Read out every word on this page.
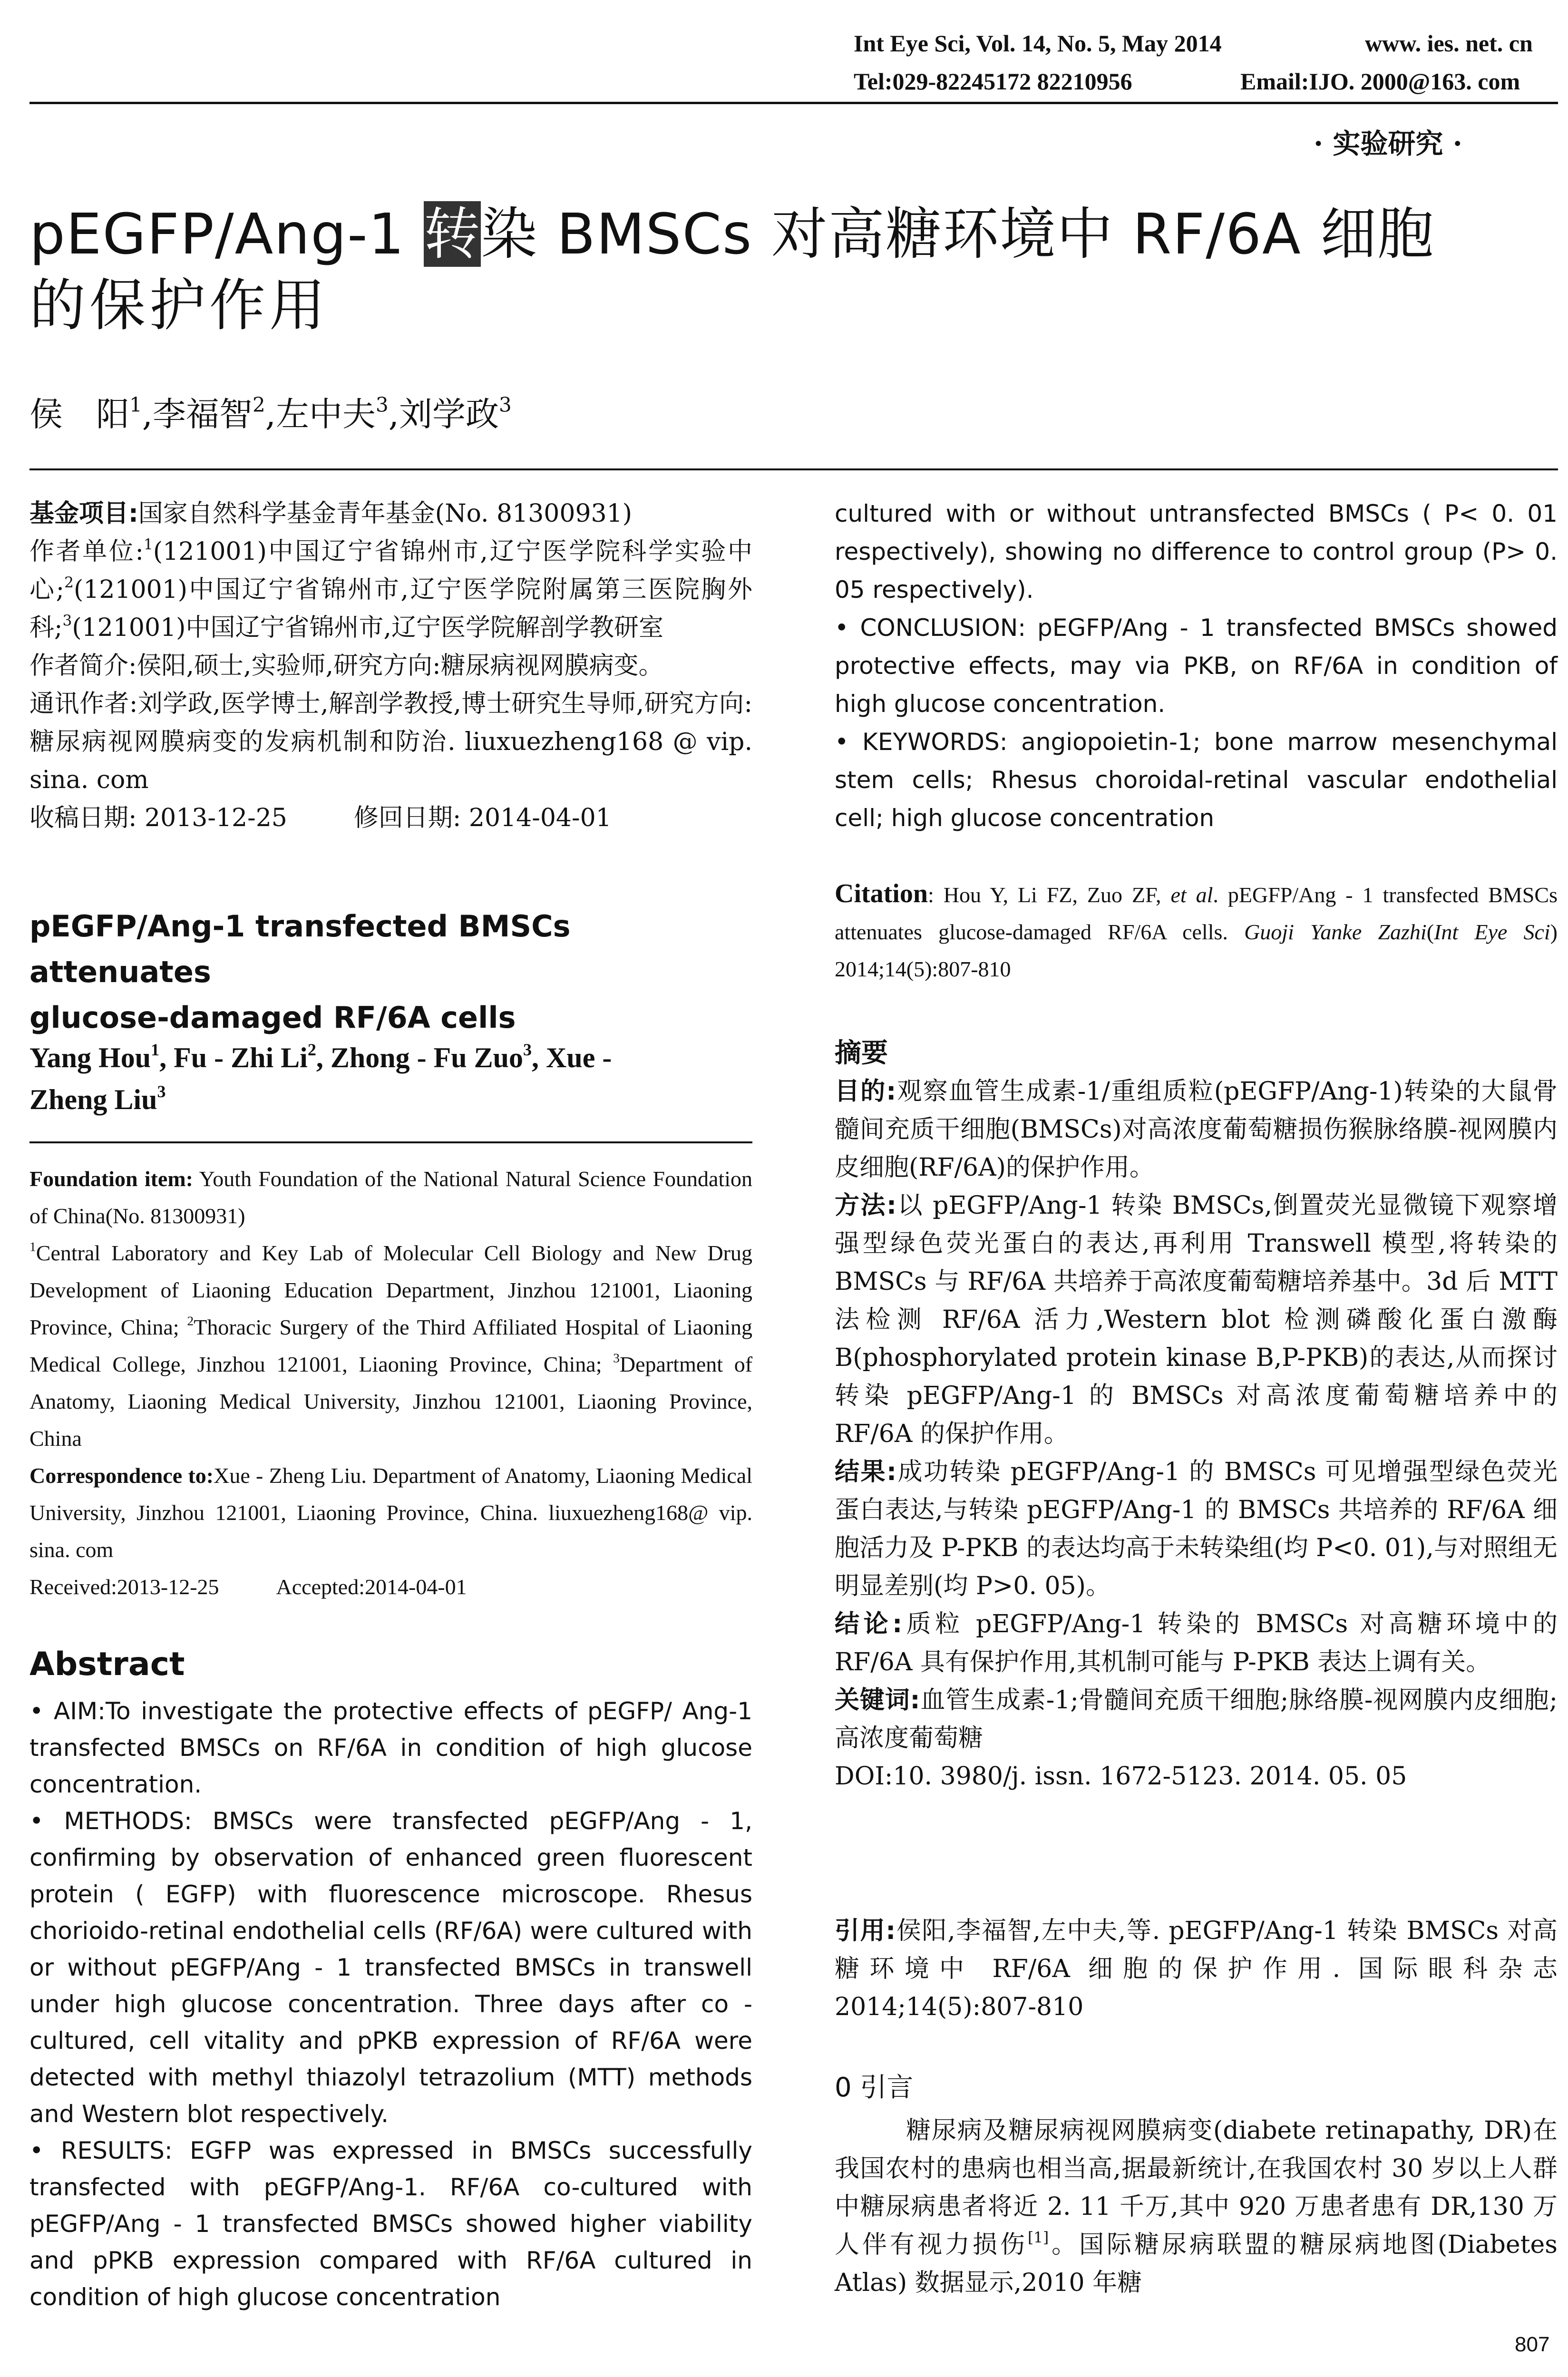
Int Eye Sci, Vol. 14, No. 5, May 2014	www. ies. net. cn
Tel:029-82245172 82210956	Email:IJO. 2000@163. com
· 实验研究 ·
pEGFP/Ang-1 转染 BMSCs 对高糖环境中 RF/6A 细胞
的保护作用
侯　阳$^1$,李福智$^2$,左中夫$^3$,刘学政$^3$

基金项目:国家自然科学基金青年基金(No. 81300931)

作者单位:$^1$(121001)中国辽宁省锦州市,辽宁医学院科学实验中心;$^2$(121001)中国辽宁省锦州市,辽宁医学院附属第三医院胸外科;$^3$(121001)中国辽宁省锦州市,辽宁医学院解剖学教研室

作者简介:侯阳,硕士,实验师,研究方向:糖尿病视网膜病变。

通讯作者:刘学政,医学博士,解剖学教授,博士研究生导师,研究方向:糖尿病视网膜病变的发病机制和防治. liuxuezheng168 @ vip. sina. com

收稿日期: 2013-12-25	修回日期: 2014-04-01

pEGFP/Ang-1 transfected BMSCs attenuates

glucose-damaged RF/6A cells

Yang Hou$^1$, Fu - Zhi Li$^2$, Zhong - Fu Zuo$^3$, Xue -

Zheng Liu$^3$

Foundation item: Youth Foundation of the National Natural Science Foundation of China(No. 81300931)

$^1$Central Laboratory and Key Lab of Molecular Cell Biology and New Drug Development of Liaoning Education Department, Jinzhou 121001, Liaoning Province, China; $^2$Thoracic Surgery of the Third Affiliated Hospital of Liaoning Medical College, Jinzhou 121001, Liaoning Province, China; $^3$Department of Anatomy, Liaoning Medical University, Jinzhou 121001, Liaoning Province, China

Correspondence to:Xue - Zheng Liu. Department of Anatomy, Liaoning Medical University, Jinzhou 121001, Liaoning Province, China. liuxuezheng168@ vip. sina. com

Received:2013-12-25	Accepted:2014-04-01

Abstract

• AIM:To investigate the protective effects of pEGFP/ Ang-1 transfected BMSCs on RF/6A in condition of high glucose concentration.

• METHODS: BMSCs were transfected pEGFP/Ang - 1, confirming by observation of enhanced green fluorescent protein ( EGFP) with fluorescence microscope. Rhesus chorioido-retinal endothelial cells (RF/6A) were cultured with or without pEGFP/Ang - 1 transfected BMSCs in transwell under high glucose concentration. Three days after co - cultured, cell vitality and pPKB expression of RF/6A were detected with methyl thiazolyl tetrazolium (MTT) methods and Western blot respectively.

• RESULTS: EGFP was expressed in BMSCs successfully transfected with pEGFP/Ang-1. RF/6A co-cultured with pEGFP/Ang - 1 transfected BMSCs showed higher viability and pPKB expression compared with RF/6A cultured in condition of high glucose concentration

cultured with or without untransfected BMSCs ( P< 0. 01 respectively), showing no difference to control group (P> 0. 05 respectively).

• CONCLUSION: pEGFP/Ang - 1 transfected BMSCs showed protective effects, may via PKB, on RF/6A in condition of high glucose concentration.

• KEYWORDS: angiopoietin-1; bone marrow mesenchymal stem cells; Rhesus choroidal-retinal vascular endothelial cell; high glucose concentration

Citation: Hou Y, Li FZ, Zuo ZF, et al. pEGFP/Ang - 1 transfected BMSCs attenuates glucose-damaged RF/6A cells. Guoji Yanke Zazhi(Int Eye Sci) 2014;14(5):807-810
摘要

目的:观察血管生成素-1/重组质粒(pEGFP/Ang-1)转染的大鼠骨髓间充质干细胞(BMSCs)对高浓度葡萄糖损伤猴脉络膜-视网膜内皮细胞(RF/6A)的保护作用。

方法:以 pEGFP/Ang-1 转染 BMSCs,倒置荧光显微镜下观察增强型绿色荧光蛋白的表达,再利用 Transwell 模型,将转染的 BMSCs 与 RF/6A 共培养于高浓度葡萄糖培养基中。3d 后 MTT 法检测 RF/6A 活力,Western blot 检测磷酸化蛋白激酶 B(phosphorylated protein kinase B,P-PKB)的表达,从而探讨转染 pEGFP/Ang-1 的 BMSCs 对高浓度葡萄糖培养中的 RF/6A 的保护作用。

结果:成功转染 pEGFP/Ang-1 的 BMSCs 可见增强型绿色荧光蛋白表达,与转染 pEGFP/Ang-1 的 BMSCs 共培养的 RF/6A 细胞活力及 P-PKB 的表达均高于未转染组(均 P<0. 01),与对照组无明显差别(均 P>0. 05)。

结论:质粒 pEGFP/Ang-1 转染的 BMSCs 对高糖环境中的 RF/6A 具有保护作用,其机制可能与 P-PKB 表达上调有关。

关键词:血管生成素-1;骨髓间充质干细胞;脉络膜-视网膜内皮细胞;高浓度葡萄糖

DOI:10. 3980/j. issn. 1672-5123. 2014. 05. 05

引用:侯阳,李福智,左中夫,等. pEGFP/Ang-1 转染 BMSCs 对高糖环境中 RF/6A 细胞的保护作用. 国际眼科杂志 2014;14(5):807-810
0 引言
糖尿病及糖尿病视网膜病变(diabete retinapathy, DR)在我国农村的患病也相当高,据最新统计,在我国农村 30 岁以上人群中糖尿病患者将近 2. 11 千万,其中 920 万患者患有 DR,130 万人伴有视力损伤[1]。国际糖尿病联盟的糖尿病地图(Diabetes Atlas) 数据显示,2010 年糖
807
